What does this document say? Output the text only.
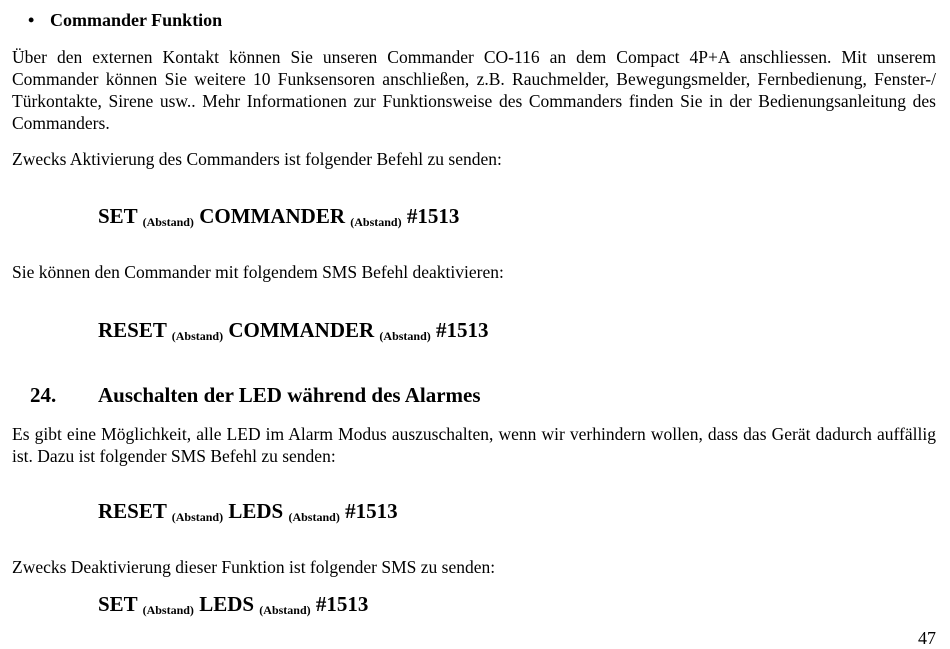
• Commander Funktion
Über den externen Kontakt können Sie unseren Commander CO-116 an dem Compact 4P+A anschliessen. Mit unserem Commander können Sie weitere 10 Funksensoren anschließen, z.B. Rauchmelder, Bewegungsmelder, Fernbedienung, Fenster-/ Türkontakte, Sirene usw.. Mehr Informationen zur Funktionsweise des Commanders finden Sie in der Bedienungsanleitung des Commanders.
Zwecks Aktivierung des Commanders ist folgender Befehl zu senden:
SET $_{(Abstand)}$ COMMANDER $_{(Abstand)}$ #1513
Sie können den Commander mit folgendem SMS Befehl deaktivieren:
RESET $_{(Abstand)}$ COMMANDER $_{(Abstand)}$ #1513
24. Auschalten der LED während des Alarmes
Es gibt eine Möglichkeit, alle LED im Alarm Modus auszuschalten, wenn wir verhindern wollen, dass das Gerät dadurch auffällig ist. Dazu ist folgender SMS Befehl zu senden:
RESET $_{(Abstand)}$ LEDS $_{(Abstand)}$ #1513
Zwecks Deaktivierung dieser Funktion ist folgender SMS zu senden:
SET $_{(Abstand)}$ LEDS $_{(Abstand)}$ #1513
47
